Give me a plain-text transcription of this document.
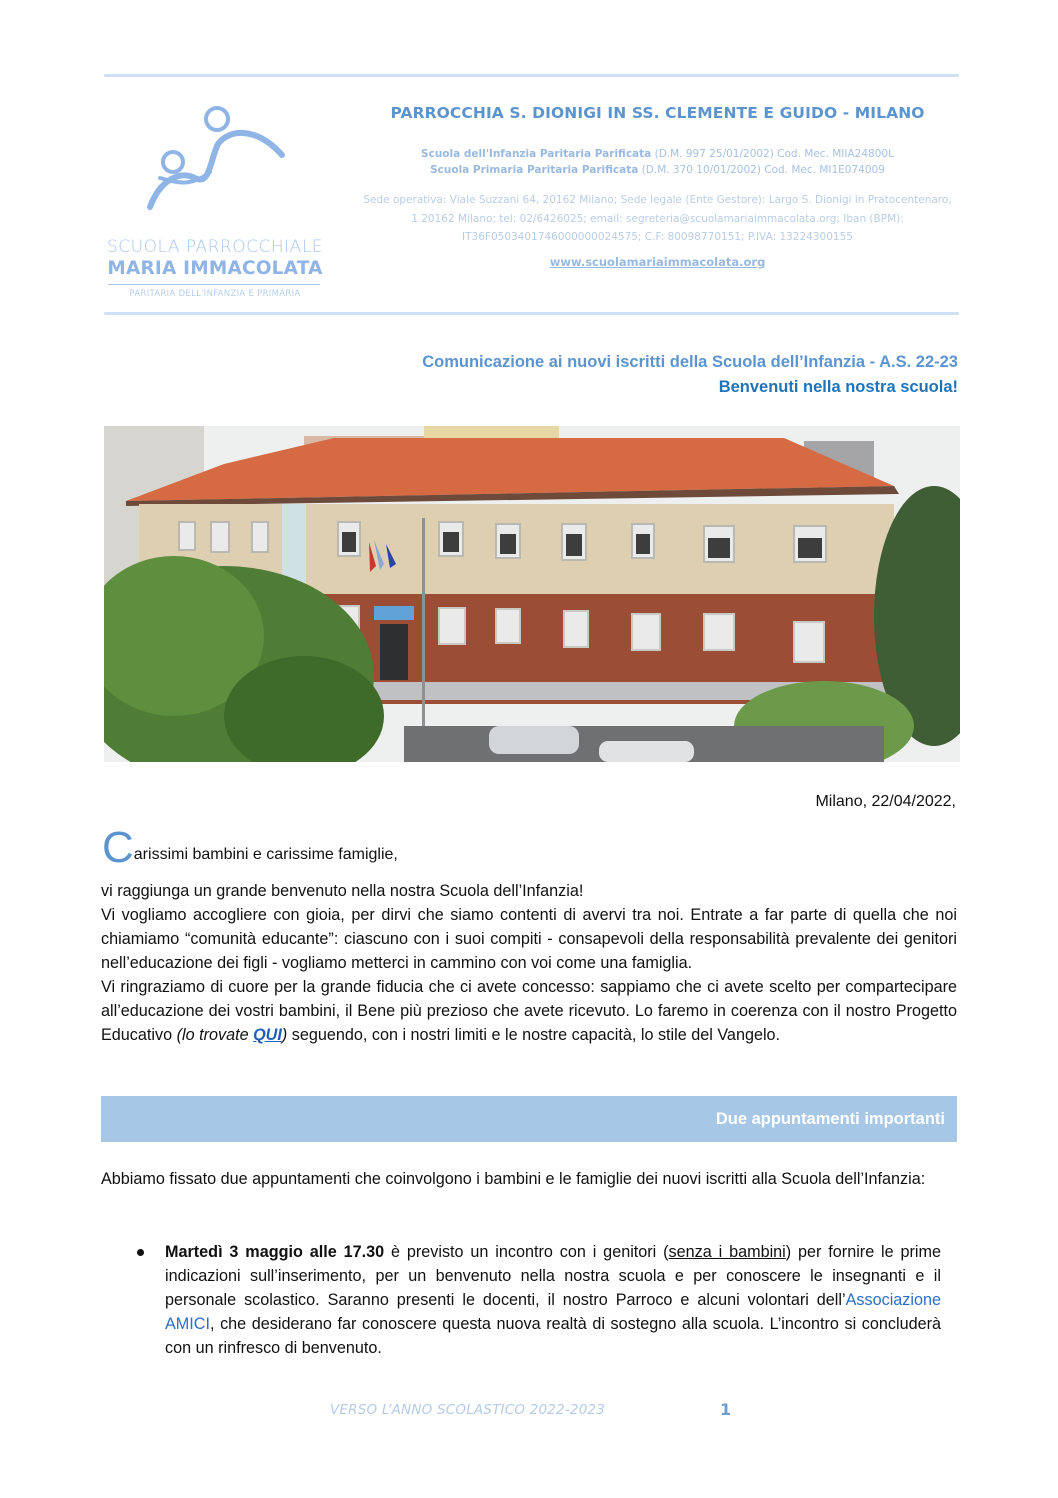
SCUOLA PARROCCHIALE
MARIA IMMACOLATA
PARITARIA DELL'INFANZIA E PRIMARIA
PARROCCHIA S. DIONIGI IN SS. CLEMENTE E GUIDO - MILANO
Scuola dell'Infanzia Paritaria Parificata (D.M. 997 25/01/2002) Cod. Mec. MIIA24800L
Scuola Primaria Paritaria Parificata (D.M. 370 10/01/2002) Cod. Mec. MI1E074009
Sede operativa: Viale Suzzani 64, 20162 Milano; Sede legale (Ente Gestore): Largo S. Dionigi in Pratocentenaro, 1 20162 Milano; tel: 02/6426025; email: segreteria@scuolamariaimmacolata.org; Iban (BPM): IT36F0503401746000000024575; C.F: 80098770151; P.IVA: 13224300155
www.scuolamariaimmacolata.org
Comunicazione ai nuovi iscritti della Scuola dell’Infanzia - A.S. 22-23
Benvenuti nella nostra scuola!
Milano, 22/04/2022,
Carissimi bambini e carissime famiglie,
vi raggiunga un grande benvenuto nella nostra Scuola dell’Infanzia!
Vi vogliamo accogliere con gioia, per dirvi che siamo contenti di avervi tra noi. Entrate a far parte di quella che noi chiamiamo “comunità educante”: ciascuno con i suoi compiti - consapevoli della responsabilità prevalente dei genitori nell’educazione dei figli - vogliamo metterci in cammino con voi come una famiglia.
Vi ringraziamo di cuore per la grande fiducia che ci avete concesso: sappiamo che ci avete scelto per compartecipare all’educazione dei vostri bambini, il Bene più prezioso che avete ricevuto. Lo faremo in coerenza con il nostro Progetto Educativo (lo trovate QUI) seguendo, con i nostri limiti e le nostre capacità, lo stile del Vangelo.
Due appuntamenti importanti
Abbiamo fissato due appuntamenti che coinvolgono i bambini e le famiglie dei nuovi iscritti alla Scuola dell’Infanzia:
Martedì 3 maggio alle 17.30 è previsto un incontro con i genitori (senza i bambini) per fornire le prime indicazioni sull’inserimento, per un benvenuto nella nostra scuola e per conoscere le insegnanti e il personale scolastico. Saranno presenti le docenti, il nostro Parroco e alcuni volontari dell’Associazione AMICI, che desiderano far conoscere questa nuova realtà di sostegno alla scuola. L’incontro si concluderà con un rinfresco di benvenuto.
VERSO L’ANNO SCOLASTICO 2022-2023	1
